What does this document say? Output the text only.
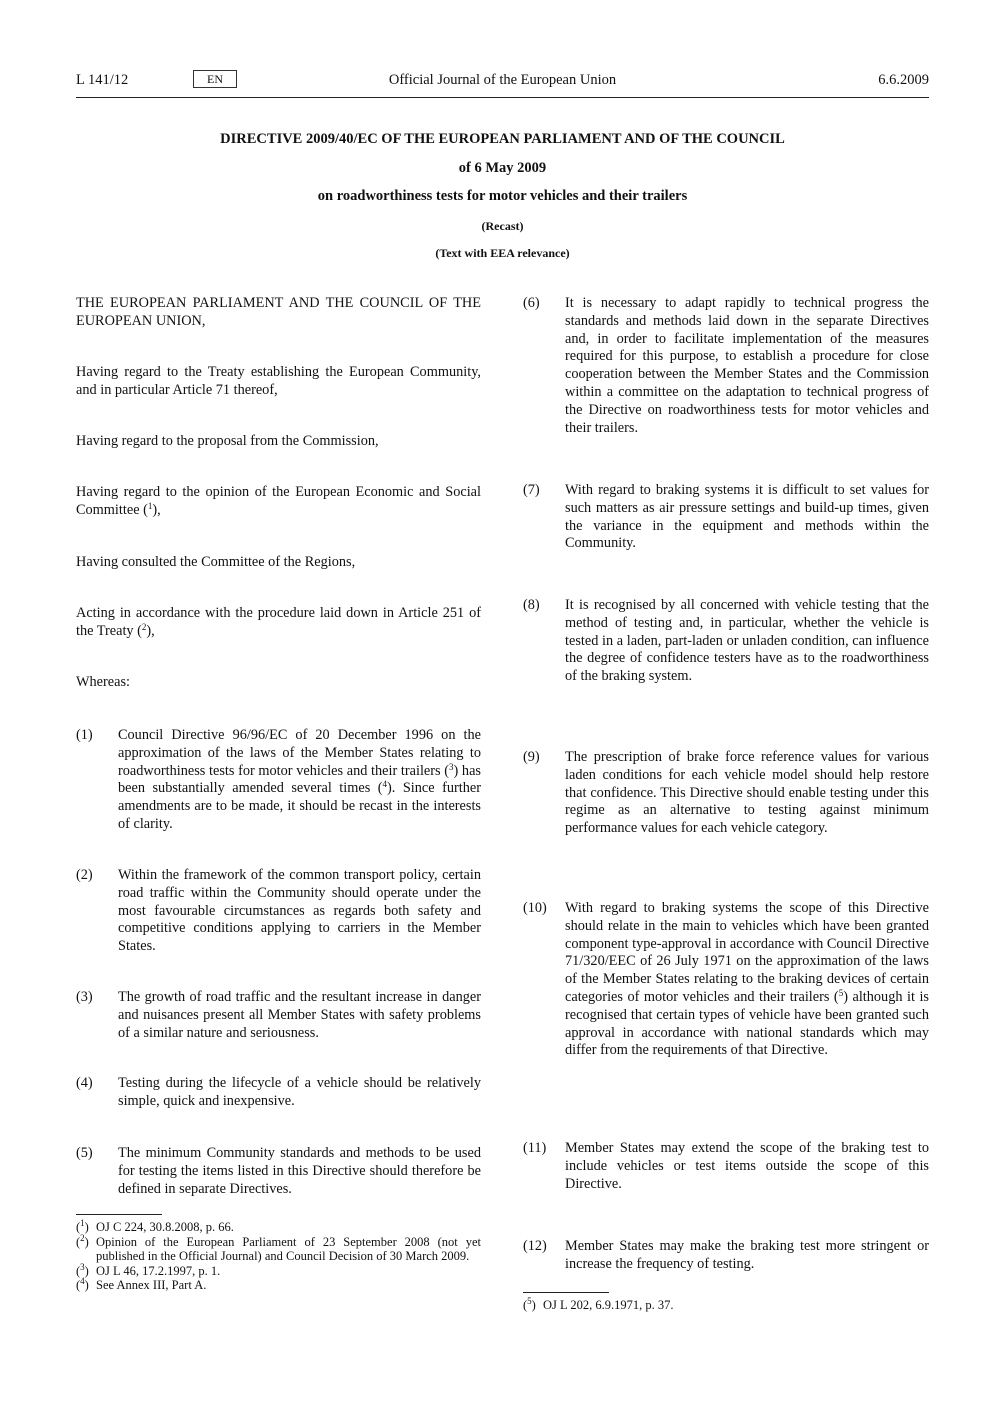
L 141/12	EN	Official Journal of the European Union	6.6.2009
DIRECTIVE 2009/40/EC OF THE EUROPEAN PARLIAMENT AND OF THE COUNCIL
of 6 May 2009
on roadworthiness tests for motor vehicles and their trailers
(Recast)
(Text with EEA relevance)
THE EUROPEAN PARLIAMENT AND THE COUNCIL OF THE EUROPEAN UNION,
Having regard to the Treaty establishing the European Community, and in particular Article 71 thereof,
Having regard to the proposal from the Commission,
Having regard to the opinion of the European Economic and Social Committee ($^1$),
Having consulted the Committee of the Regions,
Acting in accordance with the procedure laid down in Article 251 of the Treaty ($^2$),
Whereas:
(1) Council Directive 96/96/EC of 20 December 1996 on the approximation of the laws of the Member States relating to roadworthiness tests for motor vehicles and their trailers ($^3$) has been substantially amended several times ($^4$). Since further amendments are to be made, it should be recast in the interests of clarity.
(2) Within the framework of the common transport policy, certain road traffic within the Community should operate under the most favourable circumstances as regards both safety and competitive conditions applying to carriers in the Member States.
(3) The growth of road traffic and the resultant increase in danger and nuisances present all Member States with safety problems of a similar nature and seriousness.
(4) Testing during the lifecycle of a vehicle should be relatively simple, quick and inexpensive.
(5) The minimum Community standards and methods to be used for testing the items listed in this Directive should therefore be defined in separate Directives.
($^1$) OJ C 224, 30.8.2008, p. 66.
($^2$) Opinion of the European Parliament of 23 September 2008 (not yet published in the Official Journal) and Council Decision of 30 March 2009.
($^3$) OJ L 46, 17.2.1997, p. 1.
($^4$) See Annex III, Part A.
(6) It is necessary to adapt rapidly to technical progress the standards and methods laid down in the separate Directives and, in order to facilitate implementation of the measures required for this purpose, to establish a procedure for close cooperation between the Member States and the Commission within a committee on the adaptation to technical progress of the Directive on roadworthiness tests for motor vehicles and their trailers.
(7) With regard to braking systems it is difficult to set values for such matters as air pressure settings and build-up times, given the variance in the equipment and methods within the Community.
(8) It is recognised by all concerned with vehicle testing that the method of testing and, in particular, whether the vehicle is tested in a laden, part-laden or unladen condition, can influence the degree of confidence testers have as to the roadworthiness of the braking system.
(9) The prescription of brake force reference values for various laden conditions for each vehicle model should help restore that confidence. This Directive should enable testing under this regime as an alternative to testing against minimum performance values for each vehicle category.
(10) With regard to braking systems the scope of this Directive should relate in the main to vehicles which have been granted component type-approval in accordance with Council Directive 71/320/EEC of 26 July 1971 on the approximation of the laws of the Member States relating to the braking devices of certain categories of motor vehicles and their trailers ($^5$) although it is recognised that certain types of vehicle have been granted such approval in accordance with national standards which may differ from the requirements of that Directive.
(11) Member States may extend the scope of the braking test to include vehicles or test items outside the scope of this Directive.
(12) Member States may make the braking test more stringent or increase the frequency of testing.
($^5$) OJ L 202, 6.9.1971, p. 37.
